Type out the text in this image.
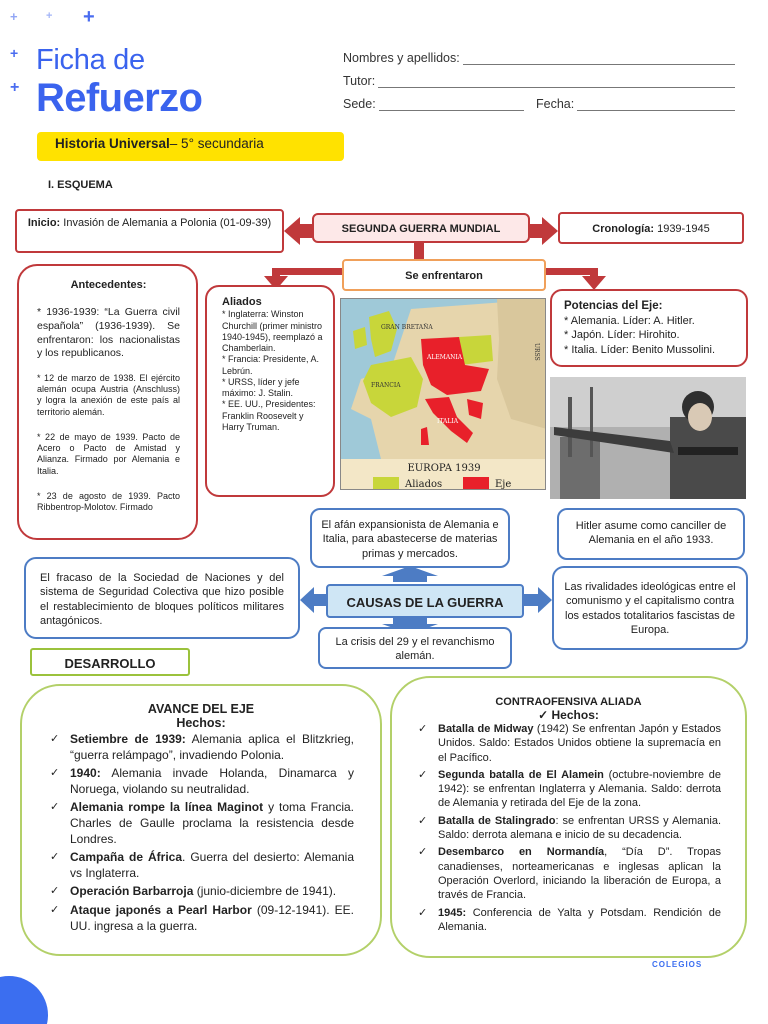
+	+ +
+
+
Ficha de
Refuerzo
Nombres y apellidos:
Tutor:
Sede:	Fecha:
Historia Universal– 5° secundaria
I. ESQUEMA
Inicio: Invasión de Alemania a Polonia (01-09-39)	SEGUNDA GUERRA MUNDIAL	Cronología: 1939-1945
Se enfrentaron
Antecedentes:
* 1936-1939: “La Guerra civil española” (1936-1939). Se enfrentaron: los nacionalistas y los republicanos.
* 12 de marzo de 1938. El ejército alemán ocupa Austria (Anschluss) y logra la anexión de este país al territorio alemán.
* 22 de mayo de 1939. Pacto de Acero o Pacto de Amistad y Alianza. Firmado por Alemania e Italia.
* 23 de agosto de 1939. Pacto Ribbentrop-Molotov. Firmado
Aliados
* Inglaterra: Winston Churchill (primer ministro 1940-1945), reemplazó a Chamberlain.
* Francia: Presidente, A. Lebrún.
* URSS, líder y jefe máximo: J. Stalin.
* EE. UU., Presidentes: Franklin Roosevelt y Harry Truman.
GRAN BRETAÑA
FRANCIA
ALEMANIA
ITALIA
URSS
EUROPA 1939
Aliados	Eje
Potencias del Eje:
* Alemania. Líder: A. Hitler.
* Japón. Líder: Hirohito.
* Italia. Líder: Benito Mussolini.
El afán expansionista de Alemania e Italia, para abastecerse de materias primas y mercados.
Hitler asume como canciller de Alemania en el año 1933.
El fracaso de la Sociedad de Naciones y del sistema de Seguridad Colectiva que hizo posible el restablecimiento de bloques políticos militares antagónicos.
CAUSAS DE LA GUERRA
Las rivalidades ideológicas entre el comunismo y el capitalismo contra los estados totalitarios fascistas de Europa.
La crisis del 29 y el revanchismo alemán.
DESARROLLO
AVANCE DEL EJE
Hechos:
✓ Setiembre de 1939: Alemania aplica el Blitzkrieg, “guerra relámpago”, invadiendo Polonia.
✓ 1940: Alemania invade Holanda, Dinamarca y Noruega, violando su neutralidad.
✓ Alemania rompe la línea Maginot y toma Francia. Charles de Gaulle proclama la resistencia desde Londres.
✓ Campaña de África. Guerra del desierto: Alemania vs Inglaterra.
✓ Operación Barbarroja (junio-diciembre de 1941).
✓ Ataque japonés a Pearl Harbor (09-12-1941). EE. UU. ingresa a la guerra.
COLEGIOS
CONTRAOFENSIVA ALIADA
✓ Hechos:
✓ Batalla de Midway (1942) Se enfrentan Japón y Estados Unidos. Saldo: Estados Unidos obtiene la supremacía en el Pacífico.
✓ Segunda batalla de El Alamein (octubre-noviembre de 1942): se enfrentan Inglaterra y Alemania. Saldo: derrota de Alemania y retirada del Eje de la zona.
✓ Batalla de Stalingrado: se enfrentan URSS y Alemania. Saldo: derrota alemana e inicio de su decadencia.
✓ Desembarco en Normandía, “Día D”. Tropas canadienses, norteamericanas e inglesas aplican la Operación Overlord, iniciando la liberación de Europa, a través de Francia.
✓ 1945: Conferencia de Yalta y Potsdam. Rendición de Alemania.
